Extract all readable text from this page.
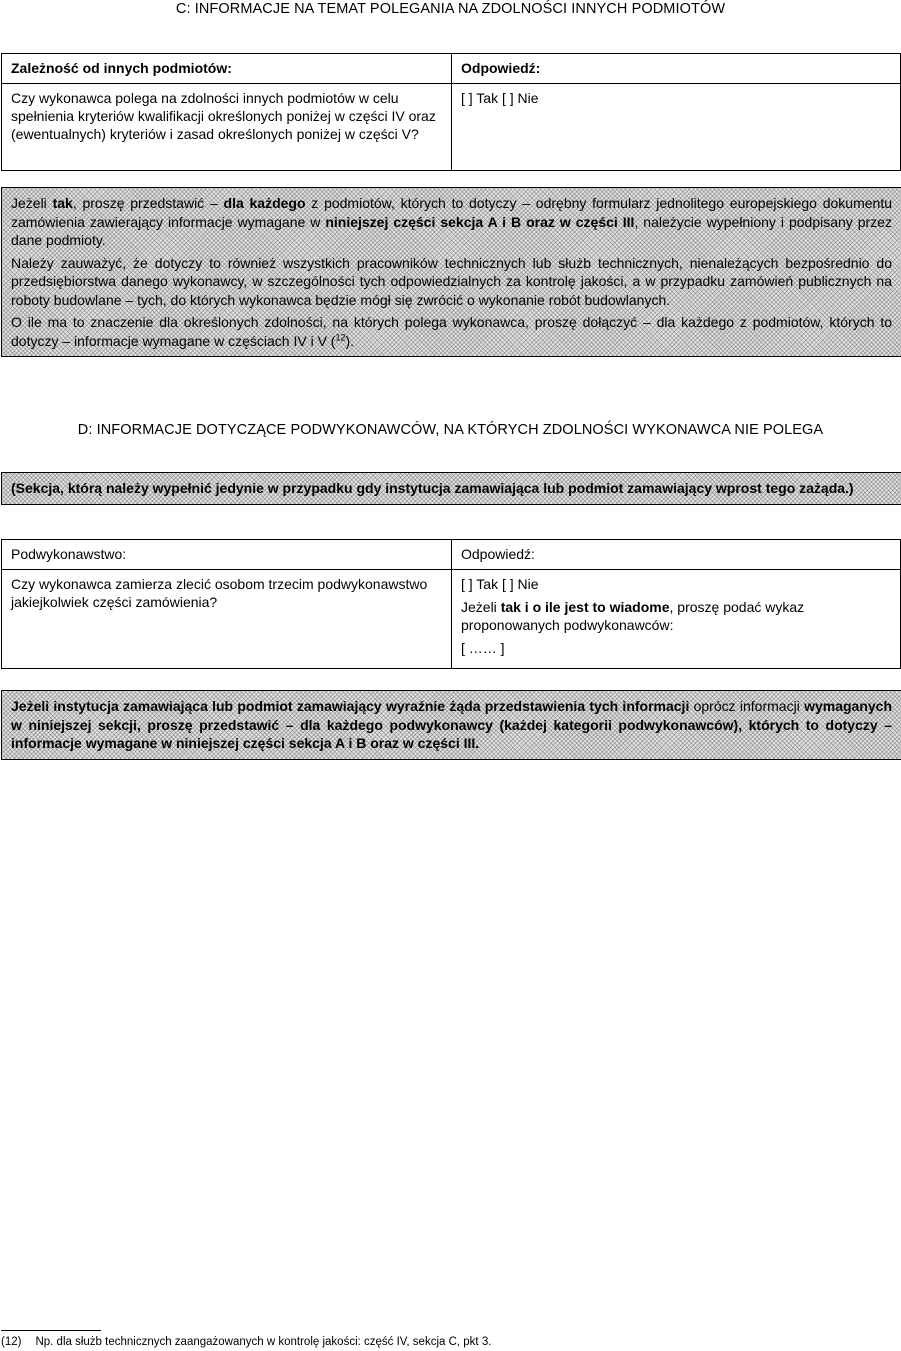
C: INFORMACJE NA TEMAT POLEGANIA NA ZDOLNOŚCI INNYCH PODMIOTÓW
Zależność od innych podmiotów:	Odpowiedź:
Czy wykonawca polega na zdolności innych podmiotów w celu spełnienia kryteriów kwalifikacji określonych poniżej w części IV oraz (ewentualnych) kryteriów i zasad określonych poniżej w części V?	[ ] Tak [ ] Nie

Jeżeli tak, proszę przedstawić – dla każdego z podmiotów, których to dotyczy – odrębny formularz jednolitego europejskiego dokumentu zamówienia zawierający informacje wymagane w niniejszej części sekcja A i B oraz w części III, należycie wypełniony i podpisany przez dane podmioty.

Należy zauważyć, że dotyczy to również wszystkich pracowników technicznych lub służb technicznych, nienależących bezpośrednio do przedsiębiorstwa danego wykonawcy, w szczególności tych odpowiedzialnych za kontrolę jakości, a w przypadku zamówień publicznych na roboty budowlane – tych, do których wykonawca będzie mógł się zwrócić o wykonanie robót budowlanych.

O ile ma to znaczenie dla określonych zdolności, na których polega wykonawca, proszę dołączyć – dla każdego z podmiotów, których to dotyczy – informacje wymagane w częściach IV i V ($^{12}$).

D: INFORMACJE DOTYCZĄCE PODWYKONAWCÓW, NA KTÓRYCH ZDOLNOŚCI WYKONAWCA NIE POLEGA

(Sekcja, którą należy wypełnić jedynie w przypadku gdy instytucja zamawiająca lub podmiot zamawiający wprost tego zażąda.)

Podwykonawstwo:	Odpowiedź:
Czy wykonawca zamierza zlecić osobom trzecim podwykonawstwo jakiejkolwiek części zamówienia?	[ ] Tak [ ] Nie

Jeżeli tak i o ile jest to wiadome, proszę podać wykaz proponowanych podwykonawców:

[ …… ]

Jeżeli instytucja zamawiająca lub podmiot zamawiający wyraźnie żąda przedstawienia tych informacji oprócz informacji wymaganych w niniejszej sekcji, proszę przedstawić – dla każdego podwykonawcy (każdej kategorii podwykonawców), których to dotyczy – informacje wymagane w niniejszej części sekcja A i B oraz w części III.

(12) Np. dla służb technicznych zaangażowanych w kontrolę jakości: część IV, sekcja C, pkt 3.
